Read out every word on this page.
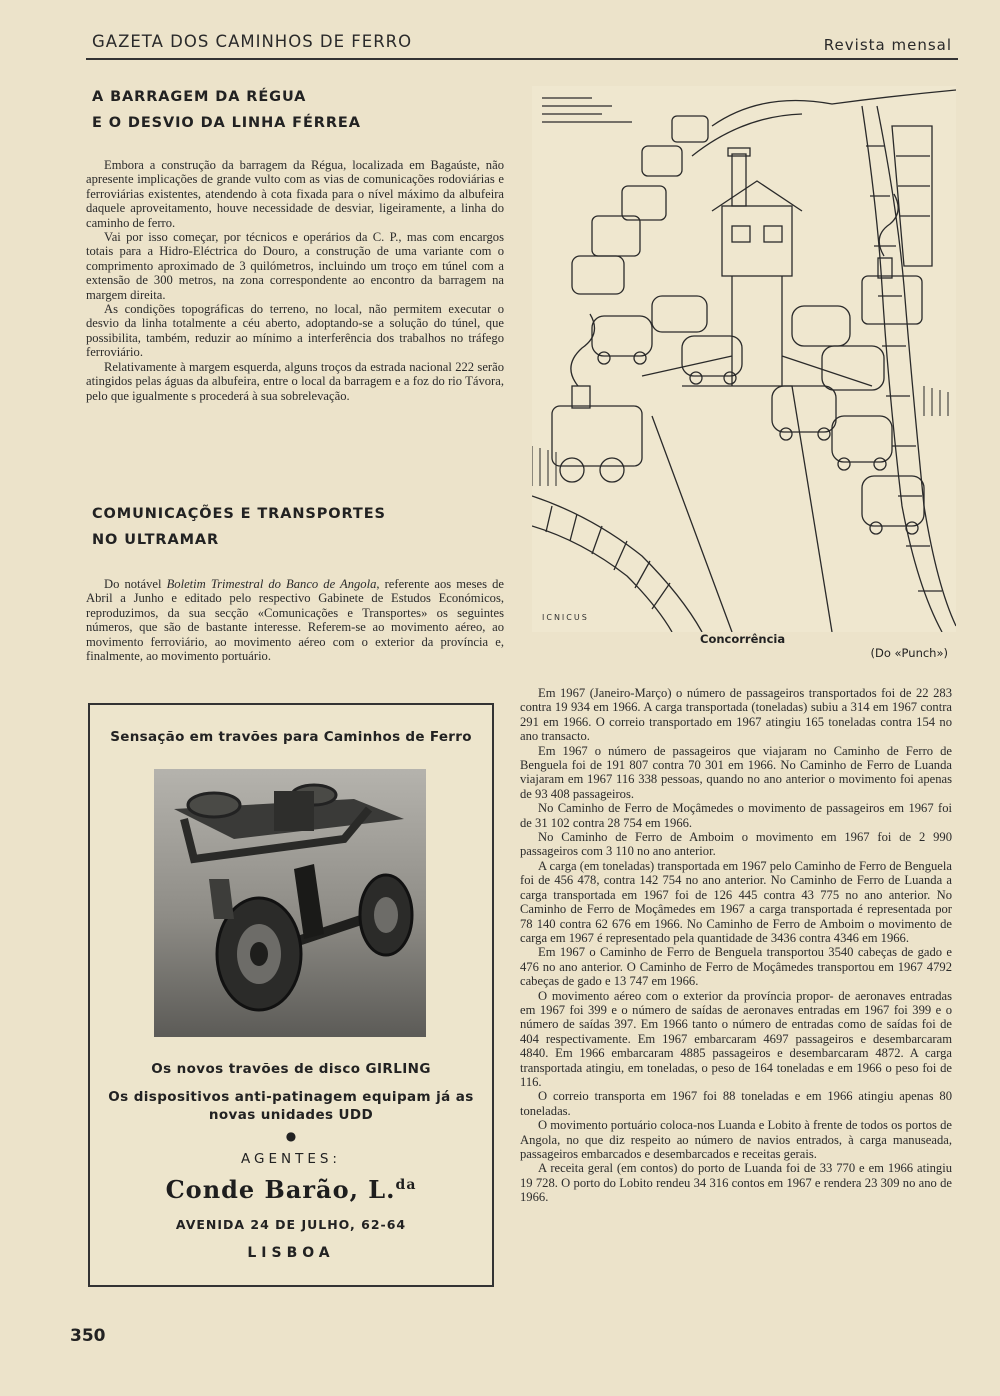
GAZETA DOS CAMINHOS DE FERRO	Revista mensal
A BARRAGEM DA RÉGUA
E O DESVIO DA LINHA FÉRREA

Embora a construção da barragem da Régua, localizada em Bagaúste, não apresente implicações de grande vulto com as vias de comunicações rodoviárias e ferroviárias existentes, atendendo à cota fixada para o nível máximo da albufeira daquele aproveitamento, houve necessidade de desviar, ligeiramente, a linha do caminho de ferro.

Vai por isso começar, por técnicos e operários da C. P., mas com encargos totais para a Hidro-Eléctrica do Douro, a construção de uma variante com o comprimento aproximado de 3 quilómetros, incluindo um troço em túnel com a extensão de 300 metros, na zona correspondente ao encontro da barragem na margem direita.

As condições topográficas do terreno, no local, não permitem executar o desvio da linha totalmente a céu aberto, adoptando-se a solução do túnel, que possibilita, também, reduzir ao mínimo a interferência dos trabalhos no tráfego ferroviário.

Relativamente à margem esquerda, alguns troços da estrada nacional 222 serão atingidos pelas águas da albufeira, entre o local da barragem e a foz do rio Távora, pelo que igualmente s procederá à sua sobrelevação.

COMUNICAÇÕES E TRANSPORTES
NO ULTRAMAR

Do notável Boletim Trimestral do Banco de Angola, referente aos meses de Abril a Junho e editado pelo respectivo Gabinete de Estudos Económicos, reproduzimos, da sua secção «Comunicações e Transportes» os seguintes números, que são de bastante interesse. Referem-se ao movimento aéreo, ao movimento ferroviário, ao movimento aéreo com o exterior da província e, finalmente, ao movimento portuário.

ICNICUS
Concorrência
(Do «Punch»)

Em 1967 (Janeiro-Março) o número de passageiros transportados foi de 22 283 contra 19 934 em 1966. A carga transportada (toneladas) subiu a 314 em 1967 contra 291 em 1966. O correio transportado em 1967 atingiu 165 toneladas contra 154 no ano transacto.

Em 1967 o número de passageiros que viajaram no Caminho de Ferro de Benguela foi de 191 807 contra 70 301 em 1966. No Caminho de Ferro de Luanda viajaram em 1967 116 338 pessoas, quando no ano anterior o movimento foi apenas de 93 408 passageiros.

No Caminho de Ferro de Moçâmedes o movimento de passageiros em 1967 foi de 31 102 contra 28 754 em 1966.

No Caminho de Ferro de Amboim o movimento em 1967 foi de 2 990 passageiros com 3 110 no ano anterior.

A carga (em toneladas) transportada em 1967 pelo Caminho de Ferro de Benguela foi de 456 478, contra 142 754 no ano anterior. No Caminho de Ferro de Luanda a carga transportada em 1967 foi de 126 445 contra 43 775 no ano anterior. No Caminho de Ferro de Moçâmedes em 1967 a carga transportada é representada por 78 140 contra 62 676 em 1966. No Caminho de Ferro de Amboim o movimento de carga em 1967 é representado pela quantidade de 3436 contra 4346 em 1966.

Em 1967 o Caminho de Ferro de Benguela transportou 3540 cabeças de gado e 476 no ano anterior. O Caminho de Ferro de Moçâmedes transportou em 1967 4792 cabeças de gado e 13 747 em 1966.

O movimento aéreo com o exterior da província propor- de aeronaves entradas em 1967 foi 399 e o número de saídas de aeronaves entradas em 1967 foi 399 e o número de saídas 397. Em 1966 tanto o número de entradas como de saídas foi de 404 respectivamente. Em 1967 embarcaram 4697 passageiros e desembarcaram 4840. Em 1966 embarcaram 4885 passageiros e desembarcaram 4872. A carga transportada atingiu, em toneladas, o peso de 164 toneladas e em 1966 o peso foi de 116.

O correio transporta em 1967 foi 88 toneladas e em 1966 atingiu apenas 80 toneladas.

O movimento portuário coloca-nos Luanda e Lobito à frente de todos os portos de Angola, no que diz respeito ao número de navios entrados, à carga manuseada, passageiros embarcados e desembarcados e receitas gerais.

A receita geral (em contos) do porto de Luanda foi de 33 770 e em 1966 atingiu 19 728. O porto do Lobito rendeu 34 316 contos em 1967 e rendera 23 309 no ano de 1966.

Sensação em travões para Caminhos de Ferro
Os novos travões de disco GIRLING
Os dispositivos anti-patinagem equipam já as
novas unidades UDD
●
AGENTES:
Conde Barão, L.$^{da}$
AVENIDA 24 DE JULHO, 62-64
LISBOA
350
